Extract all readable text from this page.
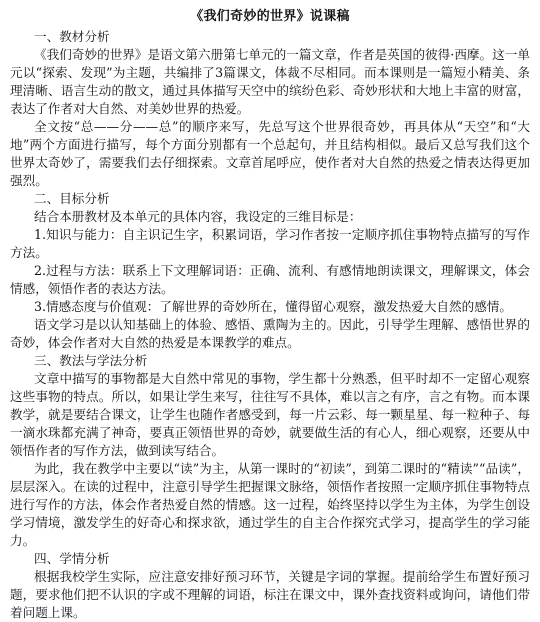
《我们奇妙的世界》说课稿
一、教材分析

《我们奇妙的世界》是语文第六册第七单元的一篇文章，作者是英国的彼得·西摩。这一单元以“探索、发现”为主题，共编排了3篇课文，体裁不尽相同。而本课则是一篇短小精美、条理清晰、语言生动的散文，通过具体描写天空中的缤纷色彩、奇妙形状和大地上丰富的财富，表达了作者对大自然、对美妙世界的热爱。

全文按“总——分——总”的顺序来写，先总写这个世界很奇妙，再具体从“天空”和“大地”两个方面进行描写，每个方面分别都有一个总起句，并且结构相似。最后又总写我们这个世界太奇妙了，需要我们去仔细探索。文章首尾呼应，使作者对大自然的热爱之情表达得更加强烈。

二、目标分析

结合本册教材及本单元的具体内容，我设定的三维目标是：

1.知识与能力：自主识记生字，积累词语，学习作者按一定顺序抓住事物特点描写的写作方法。

2.过程与方法：联系上下文理解词语：正确、流利、有感情地朗读课文，理解课文，体会情感，领悟作者的表达方法。

3.情感态度与价值观：了解世界的奇妙所在，懂得留心观察，激发热爱大自然的感情。

语文学习是以认知基础上的体验、感悟、熏陶为主的。因此，引导学生理解、感悟世界的奇妙，体会作者对大自然的热爱是本课教学的难点。

三、教法与学法分析

文章中描写的事物都是大自然中常见的事物，学生都十分熟悉，但平时却不一定留心观察这些事物的特点。所以，如果让学生来写，往往写不具体，难以言之有序，言之有物。而本课教学，就是要结合课文，让学生也随作者感受到，每一片云彩、每一颗星星、每一粒种子、每一滴水珠都充满了神奇，要真正领悟世界的奇妙，就要做生活的有心人，细心观察，还要从中领悟作者的写作方法，做到读写结合。

为此，我在教学中主要以“读”为主，从第一课时的“初读”，到第二课时的“精读”“品读”，层层深入。在读的过程中，注意引导学生把握课文脉络，领悟作者按照一定顺序抓住事物特点进行写作的方法，体会作者热爱自然的情感。这一过程，始终坚持以学生为主体，为学生创设学习情境，激发学生的好奇心和探求欲，通过学生的自主合作探究式学习，提高学生的学习能力。

四、学情分析

根据我校学生实际，应注意安排好预习环节，关键是字词的掌握。提前给学生布置好预习题，要求他们把不认识的字或不理解的词语，标注在课文中，课外查找资料或询问，请他们带着问题上课。
